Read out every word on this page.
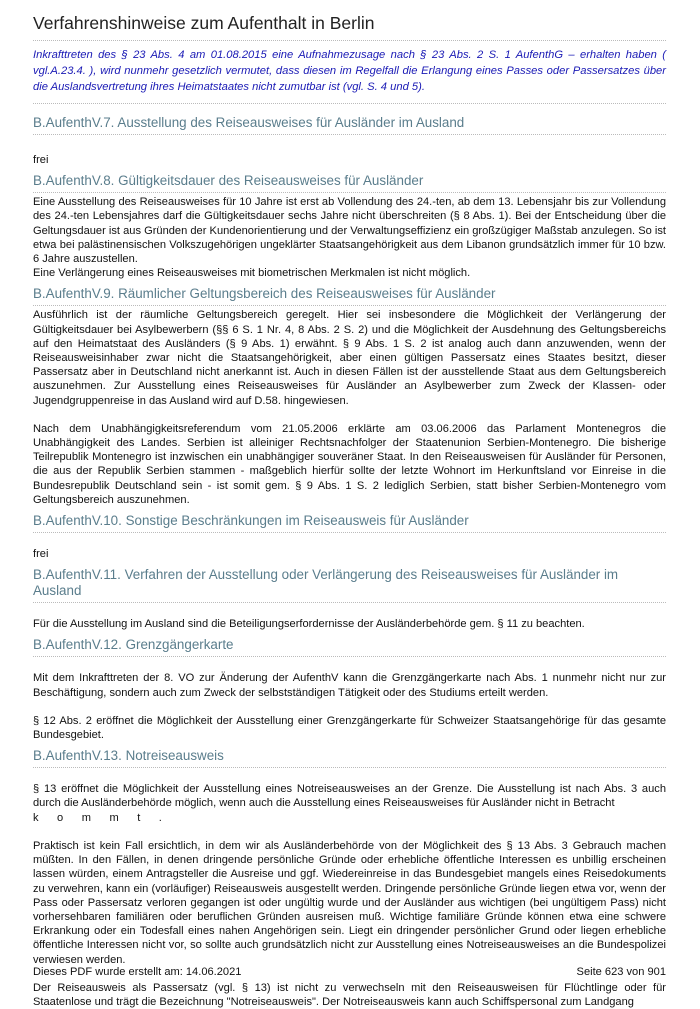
Verfahrenshinweise zum Aufenthalt in Berlin

Inkrafttreten des § 23 Abs. 4 am 01.08.2015 eine Aufnahmezusage nach § 23 Abs. 2 S. 1 AufenthG – erhalten haben ( vgl.A.23.4. ), wird nunmehr gesetzlich vermutet, dass diesen im Regelfall die Erlangung eines Passes oder Passersatzes über die Auslandsvertretung ihres Heimatstaates nicht zumutbar ist (vgl. S. 4 und 5).

B.AufenthV.7. Ausstellung des Reiseausweises für Ausländer im Ausland

frei

B.AufenthV.8. Gültigkeitsdauer des Reiseausweises für Ausländer

Eine Ausstellung des Reiseausweises für 10 Jahre ist erst ab Vollendung des 24.-ten, ab dem 13. Lebensjahr bis zur Vollendung des 24.-ten Lebensjahres darf die Gültigkeitsdauer sechs Jahre nicht überschreiten (§ 8 Abs. 1). Bei der Entscheidung über die Geltungsdauer ist aus Gründen der Kundenorientierung und der Verwaltungseffizienz ein großzügiger Maßstab anzulegen. So ist etwa bei palästinensischen Volkszugehörigen ungeklärter Staatsangehörigkeit aus dem Libanon grundsätzlich immer für 10 bzw. 6 Jahre auszustellen.

Eine Verlängerung eines Reiseausweises mit biometrischen Merkmalen ist nicht möglich.

B.AufenthV.9. Räumlicher Geltungsbereich des Reiseausweises für Ausländer

Ausführlich ist der räumliche Geltungsbereich geregelt. Hier sei insbesondere die Möglichkeit der Verlängerung der Gültigkeitsdauer bei Asylbewerbern (§§ 6 S. 1 Nr. 4, 8 Abs. 2 S. 2) und die Möglichkeit der Ausdehnung des Geltungsbereichs auf den Heimatstaat des Ausländers (§ 9 Abs. 1) erwähnt. § 9 Abs. 1 S. 2 ist analog auch dann anzuwenden, wenn der Reiseausweisinhaber zwar nicht die Staatsangehörigkeit, aber einen gültigen Passersatz eines Staates besitzt, dieser Passersatz aber in Deutschland nicht anerkannt ist. Auch in diesen Fällen ist der ausstellende Staat aus dem Geltungsbereich auszunehmen. Zur Ausstellung eines Reiseausweises für Ausländer an Asylbewerber zum Zweck der Klassen- oder Jugendgruppenreise in das Ausland wird auf D.58. hingewiesen.

Nach dem Unabhängigkeitsreferendum vom 21.05.2006 erklärte am 03.06.2006 das Parlament Montenegros die Unabhängigkeit des Landes. Serbien ist alleiniger Rechtsnachfolger der Staatenunion Serbien-Montenegro. Die bisherige Teilrepublik Montenegro ist inzwischen ein unabhängiger souveräner Staat. In den Reiseausweisen für Ausländer für Personen, die aus der Republik Serbien stammen - maßgeblich hierfür sollte der letzte Wohnort im Herkunftsland vor Einreise in die Bundesrepublik Deutschland sein - ist somit gem. § 9 Abs. 1 S. 2 lediglich Serbien, statt bisher Serbien-Montenegro vom Geltungsbereich auszunehmen.

B.AufenthV.10. Sonstige Beschränkungen im Reiseausweis für Ausländer

frei

B.AufenthV.11. Verfahren der Ausstellung oder Verlängerung des Reiseausweises für Ausländer im Ausland

Für die Ausstellung im Ausland sind die Beteiligungserfordernisse der Ausländerbehörde gem. § 11 zu beachten.

B.AufenthV.12. Grenzgängerkarte

Mit dem Inkrafttreten der 8. VO zur Änderung der AufenthV kann die Grenzgängerkarte nach Abs. 1 nunmehr nicht nur zur Beschäftigung, sondern auch zum Zweck der selbstständigen Tätigkeit oder des Studiums erteilt werden.

§ 12 Abs. 2 eröffnet die Möglichkeit der Ausstellung einer Grenzgängerkarte für Schweizer Staatsangehörige für das gesamte Bundesgebiet.

B.AufenthV.13. Notreiseausweis

§ 13 eröffnet die Möglichkeit der Ausstellung eines Notreiseausweises an der Grenze. Die Ausstellung ist nach Abs. 3 auch durch die Ausländerbehörde möglich, wenn auch die Ausstellung eines Reiseausweises für Ausländer nicht in Betracht

kommt.

Praktisch ist kein Fall ersichtlich, in dem wir als Ausländerbehörde von der Möglichkeit des § 13 Abs. 3 Gebrauch machen müßten. In den Fällen, in denen dringende persönliche Gründe oder erhebliche öffentliche Interessen es unbillig erscheinen lassen würden, einem Antragsteller die Ausreise und ggf. Wiedereinreise in das Bundesgebiet mangels eines Reisedokuments zu verwehren, kann ein (vorläufiger) Reiseausweis ausgestellt werden. Dringende persönliche Gründe liegen etwa vor, wenn der Pass oder Passersatz verloren gegangen ist oder ungültig wurde und der Ausländer aus wichtigen (bei ungültigem Pass) nicht vorhersehbaren familiären oder beruflichen Gründen ausreisen muß. Wichtige familiäre Gründe können etwa eine schwere Erkrankung oder ein Todesfall eines nahen Angehörigen sein. Liegt ein dringender persönlicher Grund oder liegen erhebliche öffentliche Interessen nicht vor, so sollte auch grundsätzlich nicht zur Ausstellung eines Notreiseausweises an die Bundespolizei verwiesen werden.

Der Reiseausweis als Passersatz (vgl. § 13) ist nicht zu verwechseln mit den Reiseausweisen für Flüchtlinge oder für Staatenlose und trägt die Bezeichnung "Notreiseausweis". Der Notreiseausweis kann auch Schiffspersonal zum Landgang

Dieses PDF wurde erstellt am: 14.06.2021	Seite 623 von 901
